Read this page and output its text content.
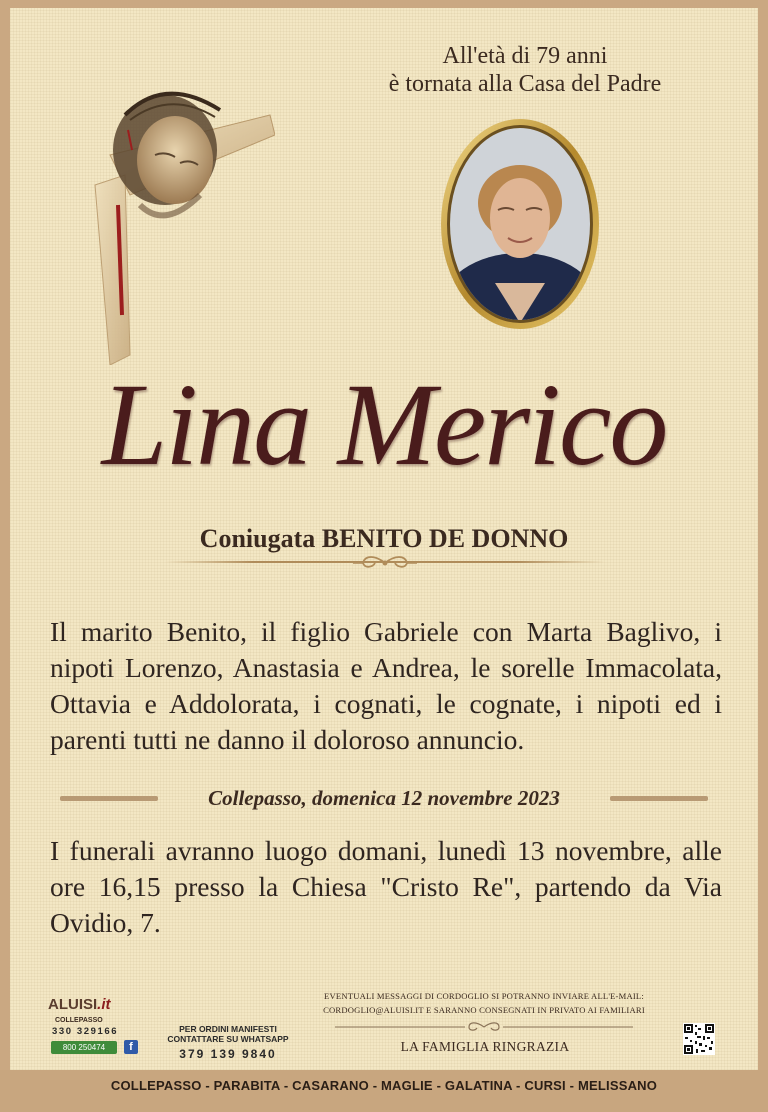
All'età di 79 anni
è tornata alla Casa del Padre
Lina Merico
Coniugata BENITO DE DONNO
Il marito Benito, il figlio Gabriele con Marta Baglivo, i nipoti Lorenzo, Anastasia e Andrea, le sorelle Immacolata, Ottavia e Addolorata, i cognati, le cognate, i nipoti ed i parenti tutti ne danno il doloroso annuncio.
Collepasso, domenica 12 novembre 2023
I funerali avranno luogo domani, lunedì 13 novembre, alle ore 16,15 presso la Chiesa "Cristo Re", partendo da Via Ovidio, 7.
ALUISI.it
COLLEPASSO
330 329166
800 250474	f
PER ORDINI MANIFESTI
CONTATTARE SU WHATSAPP
379 139 9840
EVENTUALI MESSAGGI DI CORDOGLIO SI POTRANNO INVIARE ALL'E-MAIL:
CORDOGLIO@ALUISI.IT E SARANNO CONSEGNATI IN PRIVATO AI FAMILIARI
LA FAMIGLIA RINGRAZIA
COLLEPASSO - PARABITA - CASARANO - MAGLIE - GALATINA - CURSI - MELISSANO
